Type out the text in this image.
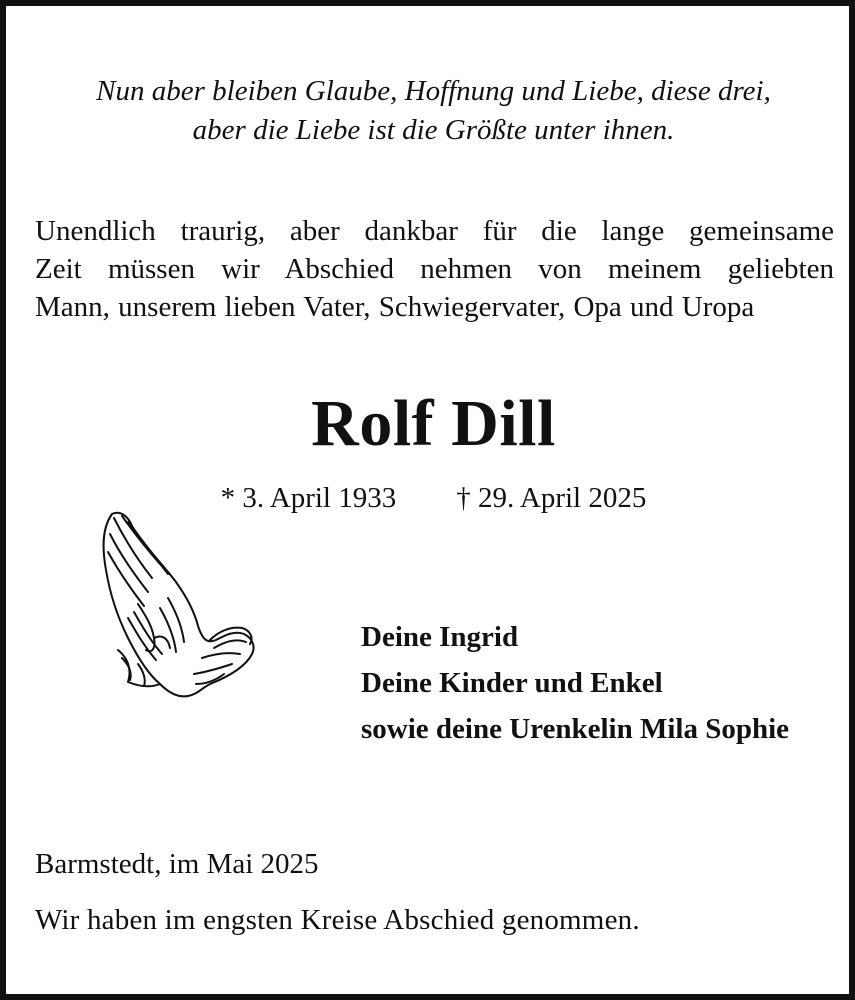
Nun aber bleiben Glaube, Hoffnung und Liebe, diese drei,
aber die Liebe ist die Größte unter ihnen.
Unendlich traurig, aber dankbar für die lange gemeinsame
Zeit müssen wir Abschied nehmen von meinem geliebten
Mann, unserem lieben Vater, Schwiegervater, Opa und Uropa
Rolf Dill
* 3. April 1933 † 29. April 2025
Deine Ingrid
Deine Kinder und Enkel
sowie deine Urenkelin Mila Sophie
Barmstedt, im Mai 2025
Wir haben im engsten Kreise Abschied genommen.
